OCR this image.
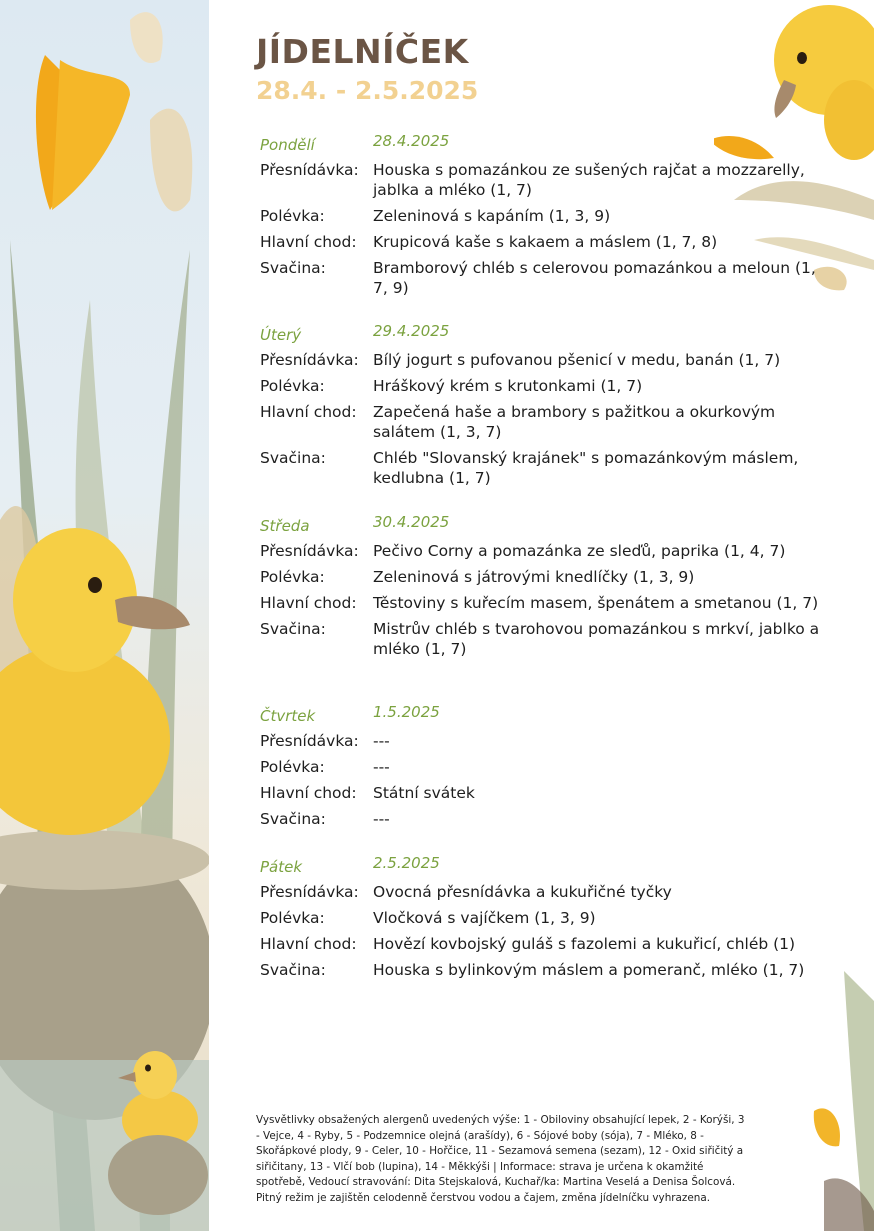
JÍDELNÍČEK
28.4. - 2.5.2025
Pondělí	28.4.2025
Přesnídávka: Houska s pomazánkou ze sušených rajčat a mozzarelly, jablka a mléko (1, 7)
Polévka:	Zeleninová s kapáním (1, 3, 9)
Hlavní chod:	Krupicová kaše s kakaem a máslem (1, 7, 8)
Svačina:	Bramborový chléb s celerovou pomazánkou a meloun (1, 7, 9)
Úterý	29.4.2025
Přesnídávka: Bílý jogurt s pufovanou pšenicí v medu, banán (1, 7)
Polévka:	Hráškový krém s krutonkami (1, 7)
Hlavní chod:	Zapečená haše a brambory s pažitkou a okurkovým salátem (1, 3, 7)
Svačina:	Chléb "Slovanský krajánek" s pomazánkovým máslem, kedlubna (1, 7)
Středa	30.4.2025
Přesnídávka: Pečivo Corny a pomazánka ze sleďů, paprika (1, 4, 7)
Polévka:	Zeleninová s játrovými knedlíčky (1, 3, 9)
Hlavní chod:	Těstoviny s kuřecím masem, špenátem a smetanou (1, 7)
Svačina:	Mistrův chléb s tvarohovou pomazánkou s mrkví, jablko a mléko (1, 7)
Čtvrtek	1.5.2025
Přesnídávka: ---
Polévka:	---
Hlavní chod:	Státní svátek
Svačina:	---
Pátek	2.5.2025
Přesnídávka: Ovocná přesnídávka a kukuřičné tyčky
Polévka:	Vločková s vajíčkem (1, 3, 9)
Hlavní chod:	Hovězí kovbojský guláš s fazolemi a kukuřicí, chléb (1)
Svačina:	Houska s bylinkovým máslem a pomeranč, mléko (1, 7)
Vysvětlivky obsažených alergenů uvedených výše: 1 - Obiloviny obsahující lepek, 2 - Korýši, 3 - Vejce, 4 - Ryby, 5 - Podzemnice olejná (arašídy), 6 - Sójové boby (sója), 7 - Mléko, 8 - Skořápkové plody, 9 - Celer, 10 - Hořčice, 11 - Sezamová semena (sezam), 12 - Oxid siřičitý a siřičitany, 13 - Vlčí bob (lupina), 14 - Měkkýši | Informace: strava je určena k okamžité spotřebě, Vedoucí stravování: Dita Stejskalová, Kuchař/ka: Martina Veselá a Denisa Šolcová. Pitný režim je zajištěn celodenně čerstvou vodou a čajem, změna jídelníčku vyhrazena.
